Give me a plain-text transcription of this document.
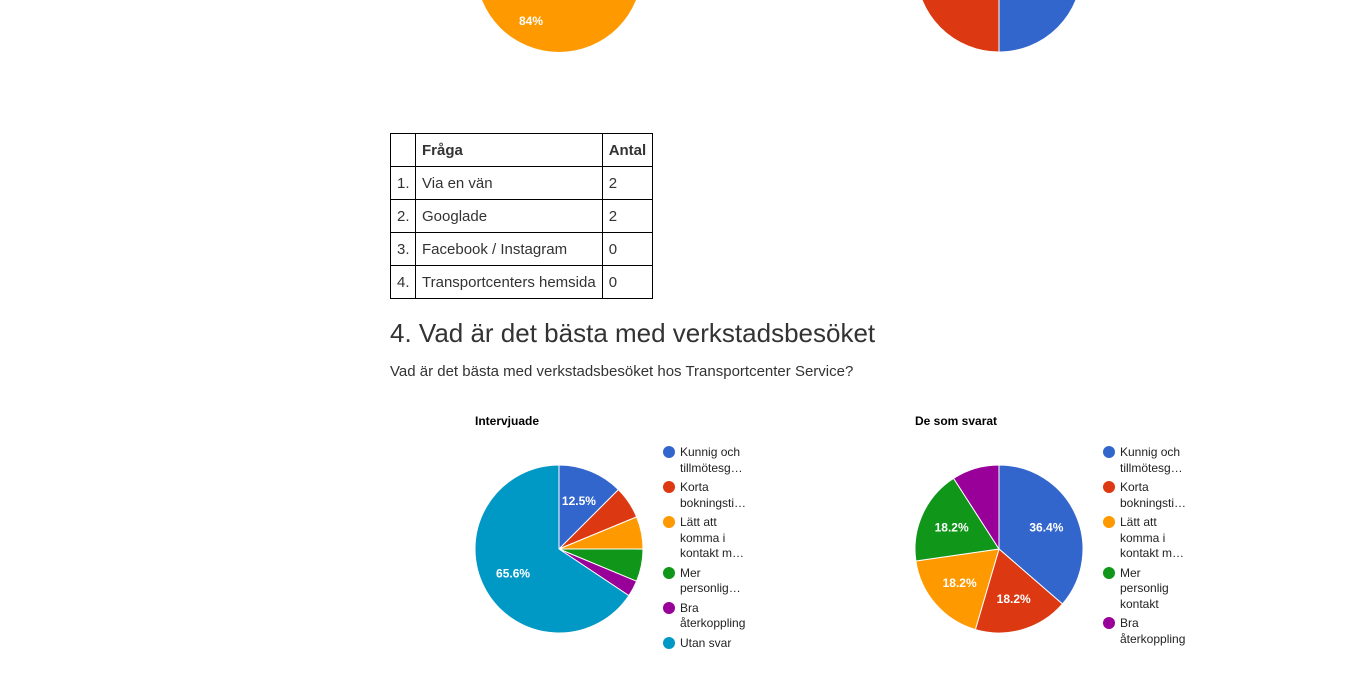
84%
	Fråga	Antal
1.	Via en vän	2
2.	Googlade	2
3.	Facebook / Instagram	0
4.	Transportcenters hemsida	0
4. Vad är det bästa med verkstadsbesöket

Vad är det bästa med verkstadsbesöket hos Transportcenter Service?

Intervjuade
12.5%
65.6%
Kunnig och
tillmötesg…
Korta
bokningsti…
Lätt att
komma i
kontakt m…
Mer
personlig…
Bra
återkoppling
Utan svar
De som svarat
36.4%
18.2%
18.2%
18.2%
Kunnig och
tillmötesg…
Korta
bokningsti…
Lätt att
komma i
kontakt m…
Mer
personlig
kontakt
Bra
återkoppling
